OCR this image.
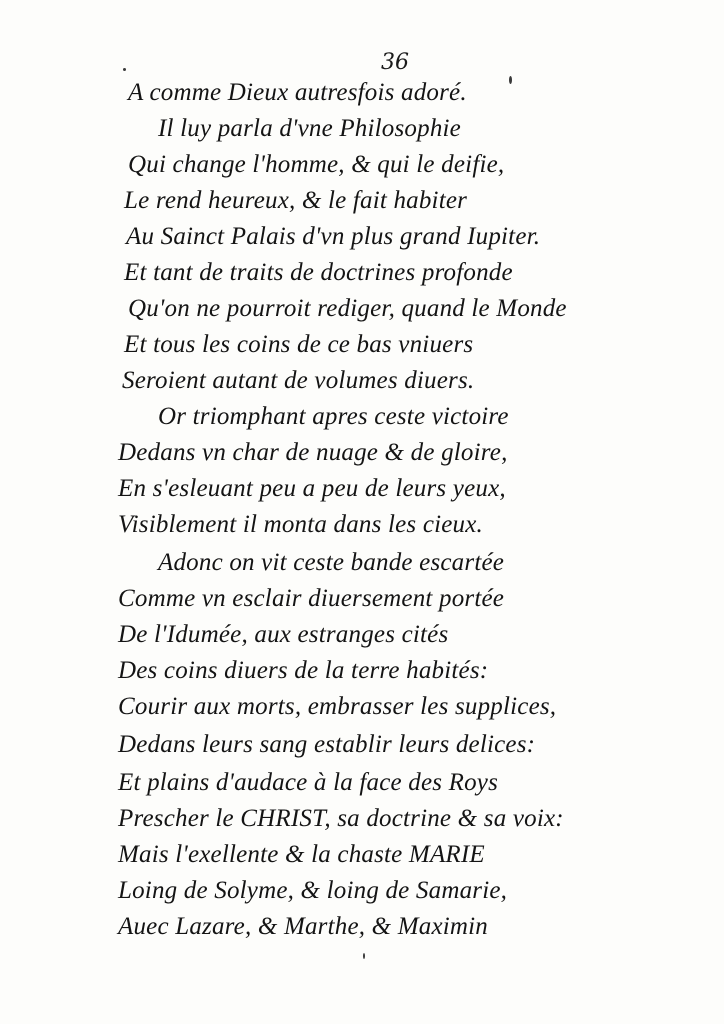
36
A comme Dieux autresfois adoré.
Il luy parla d'vne Philosophie
Qui change l'homme, & qui le deifie,
Le rend heureux, & le fait habiter
Au Sainct Palais d'vn plus grand Iupiter.
Et tant de traits de doctrines profonde
Qu'on ne pourroit rediger, quand le Monde
Et tous les coins de ce bas vniuers
Seroient autant de volumes diuers.
Or triomphant apres ceste victoire
Dedans vn char de nuage & de gloire,
En s'esleuant peu a peu de leurs yeux,
Visiblement il monta dans les cieux.
Adonc on vit ceste bande escartée
Comme vn esclair diuersement portée
De l'Idumée, aux estranges cités
Des coins diuers de la terre habités:
Courir aux morts, embrasser les supplices,
Dedans leurs sang establir leurs delices:
Et plains d'audace à la face des Roys
Prescher le CHRIST, sa doctrine & sa voix:
Mais l'exellente & la chaste MARIE
Loing de Solyme, & loing de Samarie,
Auec Lazare, & Marthe, & Maximin
